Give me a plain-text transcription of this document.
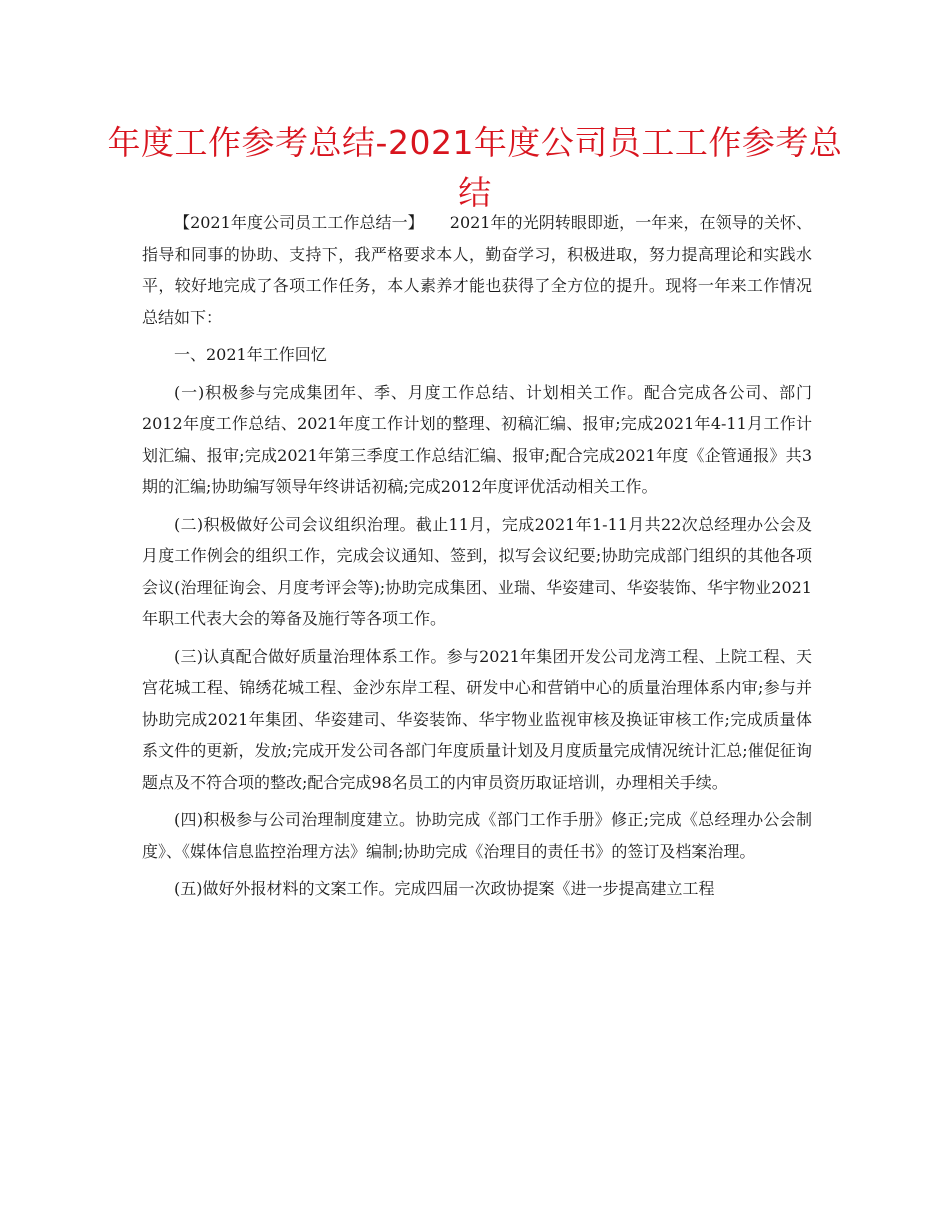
年度工作参考总结-2021年度公司员工工作参考总结

【2021年度公司员工工作总结一】 2021年的光阴转眼即逝，一年来，在领导的关怀、指导和同事的协助、支持下，我严格要求本人，勤奋学习，积极进取，努力提高理论和实践水平，较好地完成了各项工作任务，本人素养才能也获得了全方位的提升。现将一年来工作情况总结如下：

一、2021年工作回忆

(一)积极参与完成集团年、季、月度工作总结、计划相关工作。配合完成各公司、部门2012年度工作总结、2021年度工作计划的整理、初稿汇编、报审;完成2021年4-11月工作计划汇编、报审;完成2021年第三季度工作总结汇编、报审;配合完成2021年度《企管通报》共3期的汇编;协助编写领导年终讲话初稿;完成2012年度评优活动相关工作。

(二)积极做好公司会议组织治理。截止11月，完成2021年1-11月共22次总经理办公会及月度工作例会的组织工作，完成会议通知、签到，拟写会议纪要;协助完成部门组织的其他各项会议(治理征询会、月度考评会等);协助完成集团、业瑞、华姿建司、华姿装饰、华宇物业2021年职工代表大会的筹备及施行等各项工作。

(三)认真配合做好质量治理体系工作。参与2021年集团开发公司龙湾工程、上院工程、天宫花城工程、锦绣花城工程、金沙东岸工程、研发中心和营销中心的质量治理体系内审;参与并协助完成2021年集团、华姿建司、华姿装饰、华宇物业监视审核及换证审核工作;完成质量体系文件的更新，发放;完成开发公司各部门年度质量计划及月度质量完成情况统计汇总;催促征询题点及不符合项的整改;配合完成98名员工的内审员资历取证培训，办理相关手续。

(四)积极参与公司治理制度建立。协助完成《部门工作手册》修正;完成《总经理办公会制度》、《媒体信息监控治理方法》编制;协助完成《治理目的责任书》的签订及档案治理。

(五)做好外报材料的文案工作。完成四届一次政协提案《进一步提高建立工程
